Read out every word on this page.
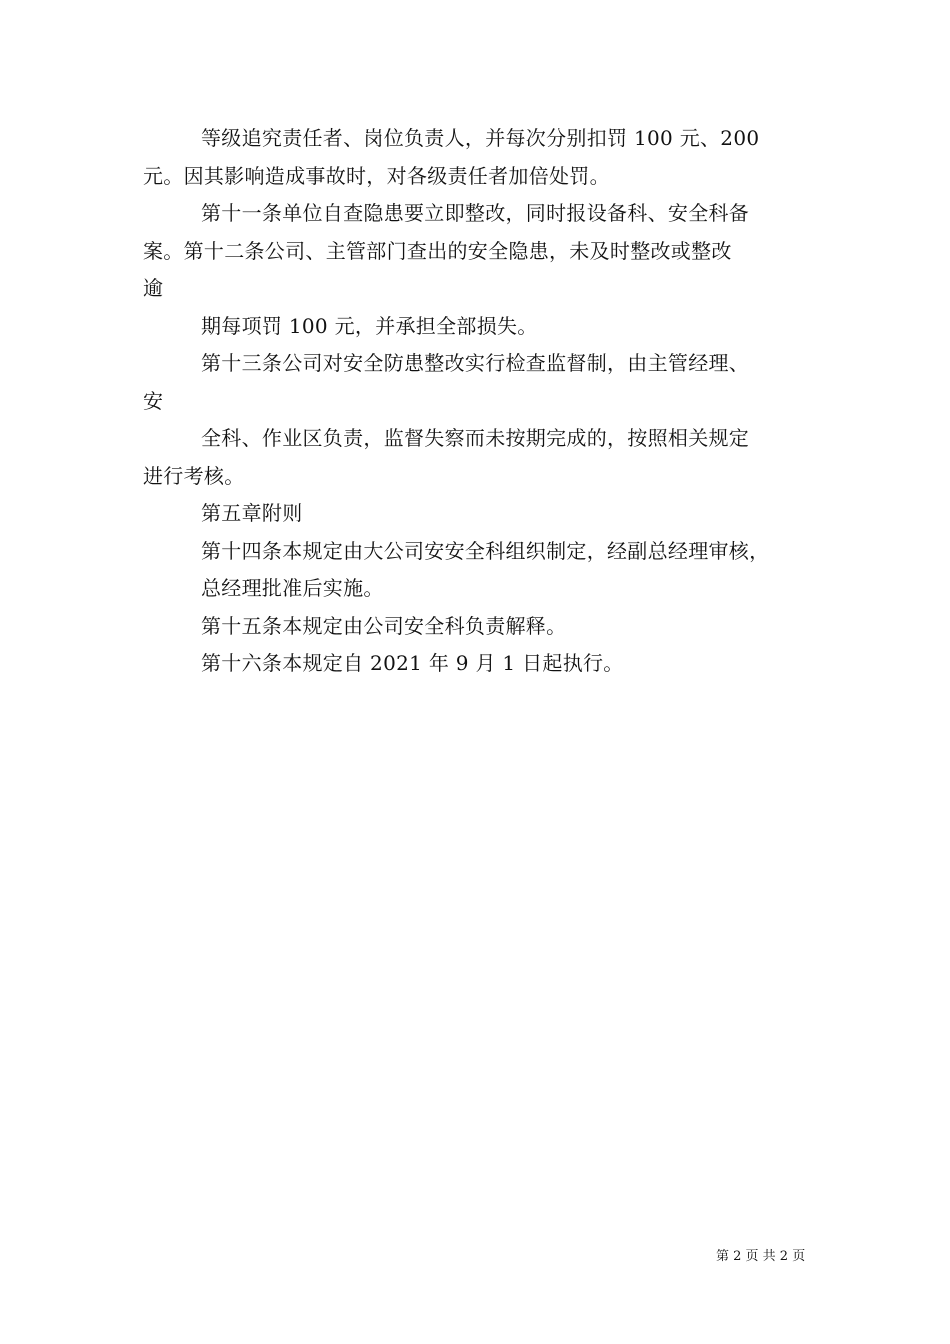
等级追究责任者、岗位负责人，并每次分别扣罚 100 元、200
元。因其影响造成事故时，对各级责任者加倍处罚。
第十一条单位自查隐患要立即整改，同时报设备科、安全科备
案。第十二条公司、主管部门查出的安全隐患，未及时整改或整改
逾
期每项罚 100 元，并承担全部损失。
第十三条公司对安全防患整改实行检查监督制，由主管经理、
安
全科、作业区负责，监督失察而未按期完成的，按照相关规定
进行考核。
第五章附则
第十四条本规定由大公司安安全科组织制定，经副总经理审核，
总经理批准后实施。
第十五条本规定由公司安全科负责解释。
第十六条本规定自 2021 年 9 月 1 日起执行。
第 2 页 共 2 页
